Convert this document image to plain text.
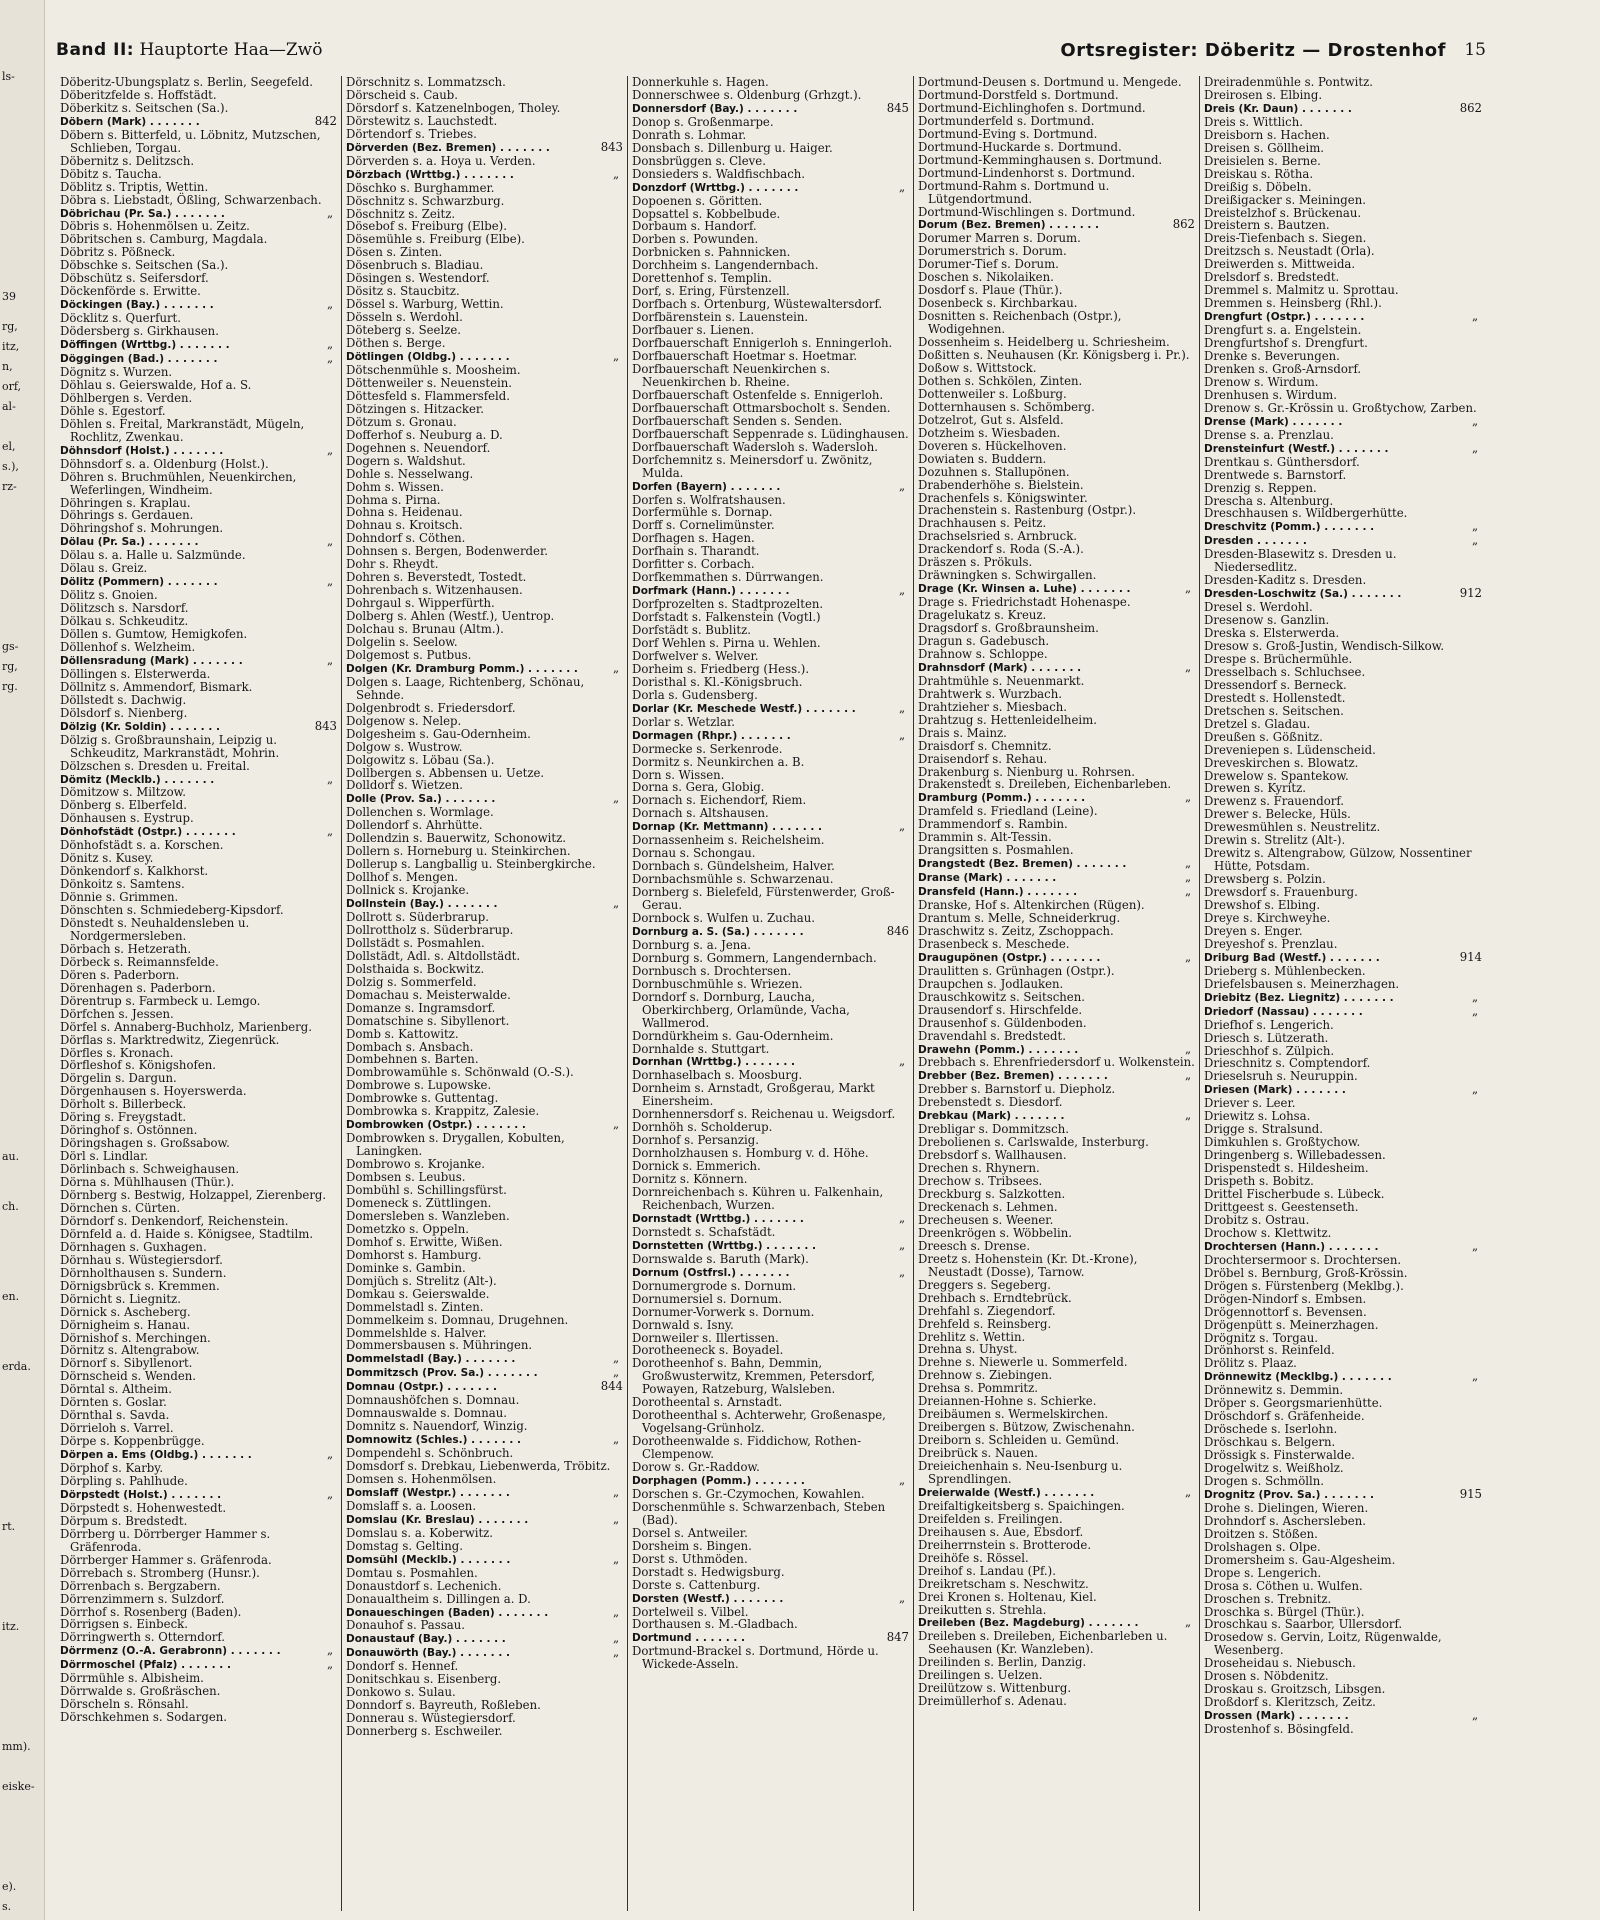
ls-
39
rg,
itz,
n,
orf,
al-
el,
s.),
rz-
gs-
rg,
rg.
au.
ch.
en.
erda.
rt.
itz.
mm).
eiske-
e).
s.
Band II: Hauptorte Haa—Zwö	Ortsregister: Döberitz — Drostenhof 15

Döberitz-Übungsplatz s. Berlin, Seegefeld.

Döberitzfelde s. Hoffstädt.

Döberkitz s. Seitschen (Sa.).

842
Döbern (Mark) . . . . . . .

Döbern s. Bitterfeld, u. Löbnitz, Mutzschen, Schlieben, Torgau.

Döbernitz s. Delitzsch.

Döbitz s. Taucha.

Döblitz s. Triptis, Wettin.

Döbra s. Liebstadt, Ößling, Schwarzenbach.

„
Döbrichau (Pr. Sa.) . . . . . . .

Döbris s. Hohenmölsen u. Zeitz.

Döbritschen s. Camburg, Magdala.

Döbritz s. Pößneck.

Döbschke s. Seitschen (Sa.).

Döbschütz s. Seifersdorf.

Döckenförde s. Erwitte.

„
Döckingen (Bay.) . . . . . . .

Döcklitz s. Querfurt.

Dödersberg s. Girkhausen.

„
Döffingen (Wrttbg.) . . . . . . .

„
Döggingen (Bad.) . . . . . . .

Dögnitz s. Wurzen.

Döhlau s. Geierswalde, Hof a. S.

Döhlbergen s. Verden.

Döhle s. Egestorf.

Döhlen s. Freital, Markranstädt, Mügeln, Rochlitz, Zwenkau.

„
Döhnsdorf (Holst.) . . . . . . .

Döhnsdorf s. a. Oldenburg (Holst.).

Döhren s. Bruchmühlen, Neuenkirchen, Weferlingen, Windheim.

Döhringen s. Kraplau.

Döhrings s. Gerdauen.

Döhringshof s. Mohrungen.

„
Dölau (Pr. Sa.) . . . . . . .

Dölau s. a. Halle u. Salzmünde.

Dölau s. Greiz.

„
Dölitz (Pommern) . . . . . . .

Dölitz s. Gnoien.

Dölitzsch s. Narsdorf.

Dölkau s. Schkeuditz.

Döllen s. Gumtow, Hemigkofen.

Döllenhof s. Welzheim.

„
Döllensradung (Mark) . . . . . . .

Döllingen s. Elsterwerda.

Döllnitz s. Ammendorf, Bismark.

Döllstedt s. Dachwig.

Dölsdorf s. Nienberg.

843
Dölzig (Kr. Soldin) . . . . . . .

Dölzig s. Großbraunshain, Leipzig u. Schkeuditz, Markranstädt, Mohrin.

Dölzschen s. Dresden u. Freital.

„
Dömitz (Mecklb.) . . . . . . .

Dömitzow s. Miltzow.

Dönberg s. Elberfeld.

Dönhausen s. Eystrup.

„
Dönhofstädt (Ostpr.) . . . . . . .

Dönhofstädt s. a. Korschen.

Dönitz s. Kusey.

Dönkendorf s. Kalkhorst.

Dönkoitz s. Samtens.

Dönnie s. Grimmen.

Dönschten s. Schmiedeberg-Kipsdorf.

Dönstedt s. Neuhaldensleben u. Nordgermersleben.

Dörbach s. Hetzerath.

Dörbeck s. Reimannsfelde.

Dören s. Paderborn.

Dörenhagen s. Paderborn.

Dörentrup s. Farmbeck u. Lemgo.

Dörfchen s. Jessen.

Dörfel s. Annaberg-Buchholz, Marienberg.

Dörflas s. Marktredwitz, Ziegenrück.

Dörfles s. Kronach.

Dörfleshof s. Königshofen.

Dörgelin s. Dargun.

Dörgenhausen s. Hoyerswerda.

Dörholt s. Billerbeck.

Döring s. Freygstadt.

Döringhof s. Ostönnen.

Döringshagen s. Großsabow.

Dörl s. Lindlar.

Dörlinbach s. Schweighausen.

Dörna s. Mühlhausen (Thür.).

Dörnberg s. Bestwig, Holzappel, Zierenberg.

Dörnchen s. Cürten.

Dörndorf s. Denkendorf, Reichenstein.

Dörnfeld a. d. Haide s. Königsee, Stadtilm.

Dörnhagen s. Guxhagen.

Dörnhau s. Wüstegiersdorf.

Dörnholthausen s. Sundern.

Dörnigsbrück s. Kremmen.

Dörnicht s. Liegnitz.

Dörnick s. Ascheberg.

Dörnigheim s. Hanau.

Dörnishof s. Merchingen.

Dörnitz s. Altengrabow.

Dörnorf s. Sibyllenort.

Dörnscheid s. Wenden.

Dörntal s. Altheim.

Dörnten s. Goslar.

Dörnthal s. Savda.

Dörrieloh s. Varrel.

Dörpe s. Koppenbrügge.

„
Dörpen a. Ems (Oldbg.) . . . . . . .

Dörphof s. Karby.

Dörpling s. Pahlhude.

„
Dörpstedt (Holst.) . . . . . . .

Dörpstedt s. Hohenwestedt.

Dörpum s. Bredstedt.

Dörrberg u. Dörrberger Hammer s. Gräfenroda.

Dörrberger Hammer s. Gräfenroda.

Dörrebach s. Stromberg (Hunsr.).

Dörrenbach s. Bergzabern.

Dörrenzimmern s. Sulzdorf.

Dörrhof s. Rosenberg (Baden).

Dörrigsen s. Einbeck.

Dörringwerth s. Otterndorf.

„
Dörrmenz (O.-A. Gerabronn) . . . . . . .

„
Dörrmoschel (Pfalz) . . . . . . .

Dörrmühle s. Albisheim.

Dörrwalde s. Großräschen.

Dörscheln s. Rönsahl.

Dörschkehmen s. Sodargen.

Dörschnitz s. Lommatzsch.

Dörscheid s. Caub.

Dörsdorf s. Katzenelnbogen, Tholey.

Dörstewitz s. Lauchstedt.

Dörtendorf s. Triebes.

843
Dörverden (Bez. Bremen) . . . . . . .

Dörverden s. a. Hoya u. Verden.

„
Dörzbach (Wrttbg.) . . . . . . .

Döschko s. Burghammer.

Döschnitz s. Schwarzburg.

Döschnitz s. Zeitz.

Dösebof s. Freiburg (Elbe).

Dösemühle s. Freiburg (Elbe).

Dösen s. Zinten.

Dösenbruch s. Bladiau.

Dösingen s. Westendorf.

Dösitz s. Staucbitz.

Dössel s. Warburg, Wettin.

Dösseln s. Werdohl.

Döteberg s. Seelze.

Döthen s. Berge.

„
Dötlingen (Oldbg.) . . . . . . .

Dötschenmühle s. Moosheim.

Döttenweiler s. Neuenstein.

Döttesfeld s. Flammersfeld.

Dötzingen s. Hitzacker.

Dötzum s. Gronau.

Dofferhof s. Neuburg a. D.

Dogehnen s. Neuendorf.

Dogern s. Waldshut.

Dohle s. Nesselwang.

Dohm s. Wissen.

Dohma s. Pirna.

Dohna s. Heidenau.

Dohnau s. Kroitsch.

Dohndorf s. Cöthen.

Dohnsen s. Bergen, Bodenwerder.

Dohr s. Rheydt.

Dohren s. Beverstedt, Tostedt.

Dohrenbach s. Witzenhausen.

Dohrgaul s. Wipperfürth.

Dolberg s. Ahlen (Westf.), Uentrop.

Dolchau s. Brunau (Altm.).

Dolgelin s. Seelow.

Dolgemost s. Putbus.

„
Dolgen (Kr. Dramburg Pomm.) . . . . . . .

Dolgen s. Laage, Richtenberg, Schönau, Sehnde.

Dolgenbrodt s. Friedersdorf.

Dolgenow s. Nelep.

Dolgesheim s. Gau-Odernheim.

Dolgow s. Wustrow.

Dolgowitz s. Löbau (Sa.).

Dollbergen s. Abbensen u. Uetze.

Dolldorf s. Wietzen.

„
Dolle (Prov. Sa.) . . . . . . .

Dollenchen s. Wormlage.

Dollendorf s. Ahrhütte.

Dollendzin s. Bauerwitz, Schonowitz.

Dollern s. Horneburg u. Steinkirchen.

Dollerup s. Langballig u. Steinbergkirche.

Dollhof s. Mengen.

Dollnick s. Krojanke.

„
Dollnstein (Bay.) . . . . . . .

Dollrott s. Süderbrarup.

Dollrottholz s. Süderbrarup.

Dollstädt s. Posmahlen.

Dollstädt, Adl. s. Altdollstädt.

Dolsthaida s. Bockwitz.

Dolzig s. Sommerfeld.

Domachau s. Meisterwalde.

Domanze s. Ingramsdorf.

Domatschine s. Sibyllenort.

Domb s. Kattowitz.

Dombach s. Ansbach.

Dombehnen s. Barten.

Dombrowamühle s. Schönwald (O.-S.).

Dombrowe s. Lupowske.

Dombrowke s. Guttentag.

Dombrowka s. Krappitz, Zalesie.

„
Dombrowken (Ostpr.) . . . . . . .

Dombrowken s. Drygallen, Kobulten, Laningken.

Dombrowo s. Krojanke.

Dombsen s. Leubus.

Dombühl s. Schillingsfürst.

Domeneck s. Züttlingen.

Domersleben s. Wanzleben.

Dometzko s. Oppeln.

Domhof s. Erwitte, Wißen.

Domhorst s. Hamburg.

Dominke s. Gambin.

Domjüch s. Strelitz (Alt-).

Domkau s. Geierswalde.

Dommelstadl s. Zinten.

Dommelkeim s. Domnau, Drugehnen.

Dommelshlde s. Halver.

Dommersbausen s. Mühringen.

„
Dommelstadl (Bay.) . . . . . . .

„
Dommitzsch (Prov. Sa.) . . . . . . .

844
Domnau (Ostpr.) . . . . . . .

Domnaushöfchen s. Domnau.

Domnauswalde s. Domnau.

Domnitz s. Nauendorf, Winzig.

„
Domnowitz (Schles.) . . . . . . .

Dompendehl s. Schönbruch.

Domsdorf s. Drebkau, Liebenwerda, Tröbitz.

Domsen s. Hohenmölsen.

„
Domslaff (Westpr.) . . . . . . .

Domslaff s. a. Loosen.

„
Domslau (Kr. Breslau) . . . . . . .

Domslau s. a. Koberwitz.

Domstag s. Gelting.

„
Domsühl (Mecklb.) . . . . . . .

Domtau s. Posmahlen.

Donaustdorf s. Lechenich.

Donaualtheim s. Dillingen a. D.

„
Donaueschingen (Baden) . . . . . . .

Donauhof s. Passau.

„
Donaustauf (Bay.) . . . . . . .

„
Donauwörth (Bay.) . . . . . . .

Dondorf s. Hennef.

Donitschkau s. Eisenberg.

Donkowo s. Sulau.

Donndorf s. Bayreuth, Roßleben.

Donnerau s. Wüstegiersdorf.

Donnerberg s. Eschweiler.

Donnerkuhle s. Hagen.

Donnerschwee s. Oldenburg (Grhzgt.).

845
Donnersdorf (Bay.) . . . . . . .

Donop s. Großenmarpe.

Donrath s. Lohmar.

Donsbach s. Dillenburg u. Haiger.

Donsbrüggen s. Cleve.

Donsieders s. Waldfischbach.

„
Donzdorf (Wrttbg.) . . . . . . .

Dopoenen s. Göritten.

Dopsattel s. Kobbelbude.

Dorbaum s. Handorf.

Dorben s. Powunden.

Dorbnicken s. Pahnnicken.

Dorchheim s. Langendernbach.

Dorettenhof s. Templin.

Dorf, s. Ering, Fürstenzell.

Dorfbach s. Ortenburg, Wüstewaltersdorf.

Dorfbärenstein s. Lauenstein.

Dorfbauer s. Lienen.

Dorfbauerschaft Ennigerloh s. Enningerloh.

Dorfbauerschaft Hoetmar s. Hoetmar.

Dorfbauerschaft Neuenkirchen s. Neuenkirchen b. Rheine.

Dorfbauerschaft Ostenfelde s. Ennigerloh.

Dorfbauerschaft Ottmarsbocholt s. Senden.

Dorfbauerschaft Senden s. Senden.

Dorfbauerschaft Seppenrade s. Lüdinghausen.

Dorfbauerschaft Wadersloh s. Wadersloh.

Dorfchemnitz s. Meinersdorf u. Zwönitz, Mulda.

„
Dorfen (Bayern) . . . . . . .

Dorfen s. Wolfratshausen.

Dorfermühle s. Dornap.

Dorff s. Cornelimünster.

Dorfhagen s. Hagen.

Dorfhain s. Tharandt.

Dorfitter s. Corbach.

Dorfkemmathen s. Dürrwangen.

„
Dorfmark (Hann.) . . . . . . .

Dorfprozelten s. Stadtprozelten.

Dorfstadt s. Falkenstein (Vogtl.)

Dorfstädt s. Bublitz.

Dorf Wehlen s. Pirna u. Wehlen.

Dorfwelver s. Welver.

Dorheim s. Friedberg (Hess.).

Doristhal s. Kl.-Königsbruch.

Dorla s. Gudensberg.

„
Dorlar (Kr. Meschede Westf.) . . . . . . .

Dorlar s. Wetzlar.

„
Dormagen (Rhpr.) . . . . . . .

Dormecke s. Serkenrode.

Dormitz s. Neunkirchen a. B.

Dorn s. Wissen.

Dorna s. Gera, Globig.

Dornach s. Eichendorf, Riem.

Dornach s. Altshausen.

„
Dornap (Kr. Mettmann) . . . . . . .

Dornassenheim s. Reichelsheim.

Dornau s. Schongau.

Dornbach s. Gündelsheim, Halver.

Dornbachsmühle s. Schwarzenau.

Dornberg s. Bielefeld, Fürstenwerder, Groß-Gerau.

Dornbock s. Wulfen u. Zuchau.

846
Dornburg a. S. (Sa.) . . . . . . .

Dornburg s. a. Jena.

Dornburg s. Gommern, Langendernbach.

Dornbusch s. Drochtersen.

Dornbuschmühle s. Wriezen.

Dorndorf s. Dornburg, Laucha, Oberkirchberg, Orlamünde, Vacha, Wallmerod.

Dorndürkheim s. Gau-Odernheim.

Dornhalde s. Stuttgart.

„
Dornhan (Wrttbg.) . . . . . . .

Dornhaselbach s. Moosburg.

Dornheim s. Arnstadt, Großgerau, Markt Einersheim.

Dornhennersdorf s. Reichenau u. Weigsdorf.

Dornhöh s. Scholderup.

Dornhof s. Persanzig.

Dornholzhausen s. Homburg v. d. Höhe.

Dornick s. Emmerich.

Dornitz s. Könnern.

Dornreichenbach s. Kühren u. Falkenhain, Reichenbach, Wurzen.

„
Dornstadt (Wrttbg.) . . . . . . .

Dornstedt s. Schafstädt.

„
Dornstetten (Wrttbg.) . . . . . . .

Dornswalde s. Baruth (Mark).

„
Dornum (Ostfrsl.) . . . . . . .

Dornumergrode s. Dornum.

Dornumersiel s. Dornum.

Dornumer-Vorwerk s. Dornum.

Dornwald s. Isny.

Dornweiler s. Illertissen.

Dorotheeneck s. Boyadel.

Dorotheenhof s. Bahn, Demmin, Großwusterwitz, Kremmen, Petersdorf, Powayen, Ratzeburg, Walsleben.

Dorotheental s. Arnstadt.

Dorotheenthal s. Achterwehr, Großenaspe, Vogelsang-Grünholz.

Dorotheenwalde s. Fiddichow, Rothen-Clempenow.

Dorow s. Gr.-Raddow.

„
Dorphagen (Pomm.) . . . . . . .

Dorschen s. Gr.-Czymochen, Kowahlen.

Dorschenmühle s. Schwarzenbach, Steben (Bad).

Dorsel s. Antweiler.

Dorsheim s. Bingen.

Dorst s. Uthmöden.

Dorstadt s. Hedwigsburg.

Dorste s. Cattenburg.

„
Dorsten (Westf.) . . . . . . .

Dortelweil s. Vilbel.

Dorthausen s. M.-Gladbach.

847
Dortmund . . . . . . .

Dortmund-Brackel s. Dortmund, Hörde u. Wickede-Asseln.

Dortmund-Deusen s. Dortmund u. Mengede.

Dortmund-Dorstfeld s. Dortmund.

Dortmund-Eichlinghofen s. Dortmund.

Dortmunderfeld s. Dortmund.

Dortmund-Eving s. Dortmund.

Dortmund-Huckarde s. Dortmund.

Dortmund-Kemminghausen s. Dortmund.

Dortmund-Lindenhorst s. Dortmund.

Dortmund-Rahm s. Dortmund u. Lütgendortmund.

Dortmund-Wischlingen s. Dortmund.

862
Dorum (Bez. Bremen) . . . . . . .

Dorumer Marren s. Dorum.

Dorumerstrich s. Dorum.

Dorumer-Tief s. Dorum.

Doschen s. Nikolaiken.

Dosdorf s. Plaue (Thür.).

Dosenbeck s. Kirchbarkau.

Dosnitten s. Reichenbach (Ostpr.), Wodigehnen.

Dossenheim s. Heidelberg u. Schriesheim.

Doßitten s. Neuhausen (Kr. Königsberg i. Pr.).

Doßow s. Wittstock.

Dothen s. Schkölen, Zinten.

Dottenweiler s. Loßburg.

Dotternhausen s. Schömberg.

Dotzelrot, Gut s. Alsfeld.

Dotzheim s. Wiesbaden.

Doveren s. Hückelhoven.

Dowiaten s. Buddern.

Dozuhnen s. Stallupönen.

Drabenderhöhe s. Bielstein.

Drachenfels s. Königswinter.

Drachenstein s. Rastenburg (Ostpr.).

Drachhausen s. Peitz.

Drachselsried s. Arnbruck.

Drackendorf s. Roda (S.-A.).

Dräszen s. Prökuls.

Dräwningken s. Schwirgallen.

„
Drage (Kr. Winsen a. Luhe) . . . . . . .

Drage s. Friedrichstadt Hohenaspe.

Dragelukatz s. Kreuz.

Dragsdorf s. Großbraunsheim.

Dragun s. Gadebusch.

Drahnow s. Schloppe.

„
Drahnsdorf (Mark) . . . . . . .

Drahtmühle s. Neuenmarkt.

Drahtwerk s. Wurzbach.

Drahtzieher s. Miesbach.

Drahtzug s. Hettenleidelheim.

Drais s. Mainz.

Draisdorf s. Chemnitz.

Draisendorf s. Rehau.

Drakenburg s. Nienburg u. Rohrsen.

Drakenstedt s. Dreileben, Eichenbarleben.

„
Dramburg (Pomm.) . . . . . . .

Dramfeld s. Friedland (Leine).

Drammendorf s. Rambin.

Drammin s. Alt-Tessin.

Drangsitten s. Posmahlen.

„
Drangstedt (Bez. Bremen) . . . . . . .

„
Dranse (Mark) . . . . . . .

„
Dransfeld (Hann.) . . . . . . .

Dranske, Hof s. Altenkirchen (Rügen).

Drantum s. Melle, Schneiderkrug.

Draschwitz s. Zeitz, Zschoppach.

Drasenbeck s. Meschede.

„
Draugupönen (Ostpr.) . . . . . . .

Draulitten s. Grünhagen (Ostpr.).

Draupchen s. Jodlauken.

Drauschkowitz s. Seitschen.

Drausendorf s. Hirschfelde.

Drausenhof s. Güldenboden.

Dravendahl s. Bredstedt.

„
Drawehn (Pomm.) . . . . . . .

Drebbach s. Ehrenfriedersdorf u. Wolkenstein.

„
Drebber (Bez. Bremen) . . . . . . .

Drebber s. Barnstorf u. Diepholz.

Drebenstedt s. Diesdorf.

„
Drebkau (Mark) . . . . . . .

Drebligar s. Dommitzsch.

Drebolienen s. Carlswalde, Insterburg.

Drebsdorf s. Wallhausen.

Drechen s. Rhynern.

Drechow s. Tribsees.

Dreckburg s. Salzkotten.

Dreckenach s. Lehmen.

Drecheusen s. Weener.

Dreenkrögen s. Wöbbelin.

Dreesch s. Drense.

Dreetz s. Hohenstein (Kr. Dt.-Krone), Neustadt (Dosse), Tarnow.

Dreggers s. Segeberg.

Drehbach s. Erndtebrück.

Drehfahl s. Ziegendorf.

Drehfeld s. Reinsberg.

Drehlitz s. Wettin.

Drehna s. Uhyst.

Drehne s. Niewerle u. Sommerfeld.

Drehnow s. Ziebingen.

Drehsa s. Pommritz.

Dreiannen-Hohne s. Schierke.

Dreibäumen s. Wermelskirchen.

Dreibergen s. Bützow, Zwischenahn.

Dreiborn s. Schleiden u. Gemünd.

Dreibrück s. Nauen.

Dreieichenhain s. Neu-Isenburg u. Sprendlingen.

„
Dreierwalde (Westf.) . . . . . . .

Dreifaltigkeitsberg s. Spaichingen.

Dreifelden s. Freilingen.

Dreihausen s. Aue, Ebsdorf.

Dreiherrnstein s. Brotterode.

Dreihöfe s. Rössel.

Dreihof s. Landau (Pf.).

Dreikretscham s. Neschwitz.

Drei Kronen s. Holtenau, Kiel.

Dreikutten s. Strehla.

„
Dreileben (Bez. Magdeburg) . . . . . . .

Dreileben s. Dreileben, Eichenbarleben u. Seehausen (Kr. Wanzleben).

Dreilinden s. Berlin, Danzig.

Dreilingen s. Uelzen.

Dreilützow s. Wittenburg.

Dreimüllerhof s. Adenau.

Dreiradenmühle s. Pontwitz.

Dreirosen s. Elbing.

862
Dreis (Kr. Daun) . . . . . . .

Dreis s. Wittlich.

Dreisborn s. Hachen.

Dreisen s. Göllheim.

Dreisielen s. Berne.

Dreiskau s. Rötha.

Dreißig s. Döbeln.

Dreißigacker s. Meiningen.

Dreistelzhof s. Brückenau.

Dreistern s. Bautzen.

Dreis-Tiefenbach s. Siegen.

Dreitzsch s. Neustadt (Orla).

Dreiwerden s. Mittweida.

Drelsdorf s. Bredstedt.

Dremmel s. Malmitz u. Sprottau.

Dremmen s. Heinsberg (Rhl.).

„
Drengfurt (Ostpr.) . . . . . . .

Drengfurt s. a. Engelstein.

Drengfurtshof s. Drengfurt.

Drenke s. Beverungen.

Drenken s. Groß-Arnsdorf.

Drenow s. Wirdum.

Drenhusen s. Wirdum.

Drenow s. Gr.-Krössin u. Großtychow, Zarben.

„
Drense (Mark) . . . . . . .

Drense s. a. Prenzlau.

„
Drensteinfurt (Westf.) . . . . . . .

Drentkau s. Günthersdorf.

Drentwede s. Barnstorf.

Drenzig s. Reppen.

Drescha s. Altenburg.

Dreschhausen s. Wildbergerhütte.

„
Dreschvitz (Pomm.) . . . . . . .

„
Dresden . . . . . . .

Dresden-Blasewitz s. Dresden u. Niedersedlitz.

Dresden-Kaditz s. Dresden.

912
Dresden-Loschwitz (Sa.) . . . . . . .

Dresel s. Werdohl.

Dresenow s. Ganzlin.

Dreska s. Elsterwerda.

Dresow s. Groß-Justin, Wendisch-Silkow.

Drespe s. Brüchermühle.

Dresselbach s. Schluchsee.

Dressendorf s. Berneck.

Drestedt s. Hollenstedt.

Dretschen s. Seitschen.

Dretzel s. Gladau.

Dreußen s. Gößnitz.

Dreveniepen s. Lüdenscheid.

Dreveskirchen s. Blowatz.

Drewelow s. Spantekow.

Drewen s. Kyritz.

Drewenz s. Frauendorf.

Drewer s. Belecke, Hüls.

Drewesmühlen s. Neustrelitz.

Drewin s. Strelitz (Alt-).

Drewitz s. Altengrabow, Gülzow, Nossentiner Hütte, Potsdam.

Drewsberg s. Polzin.

Drewsdorf s. Frauenburg.

Drewshof s. Elbing.

Dreye s. Kirchweyhe.

Dreyen s. Enger.

Dreyeshof s. Prenzlau.

914
Driburg Bad (Westf.) . . . . . . .

Drieberg s. Mühlenbecken.

Driefelsbausen s. Meinerzhagen.

„
Driebitz (Bez. Liegnitz) . . . . . . .

„
Driedorf (Nassau) . . . . . . .

Driefhof s. Lengerich.

Driesch s. Lützerath.

Drieschhof s. Zülpich.

Drieschnitz s. Comptendorf.

Drieselsruh s. Neuruppin.

„
Driesen (Mark) . . . . . . .

Driever s. Leer.

Driewitz s. Lohsa.

Drigge s. Stralsund.

Dimkuhlen s. Großtychow.

Dringenberg s. Willebadessen.

Drispenstedt s. Hildesheim.

Drispeth s. Bobitz.

Drittel Fischerbude s. Lübeck.

Drittgeest s. Geestenseth.

Drobitz s. Ostrau.

Drochow s. Klettwitz.

„
Drochtersen (Hann.) . . . . . . .

Drochtersermoor s. Drochtersen.

Dröbel s. Bernburg, Groß-Krössin.

Drögen s. Fürstenberg (Meklbg.).

Drögen-Nindorf s. Embsen.

Drögennottorf s. Bevensen.

Drögenpütt s. Meinerzhagen.

Drögnitz s. Torgau.

Drönhorst s. Reinfeld.

Drölitz s. Plaaz.

„
Drönnewitz (Mecklbg.) . . . . . . .

Drönnewitz s. Demmin.

Dröper s. Georgsmarienhütte.

Dröschdorf s. Gräfenheide.

Dröschede s. Iserlohn.

Dröschkau s. Belgern.

Drössigk s. Finsterwalde.

Drogelwitz s. Weißholz.

Drogen s. Schmölln.

915
Drognitz (Prov. Sa.) . . . . . . .

Drohe s. Dielingen, Wieren.

Drohndorf s. Aschersleben.

Droitzen s. Stößen.

Drolshagen s. Olpe.

Dromersheim s. Gau-Algesheim.

Drope s. Lengerich.

Drosa s. Cöthen u. Wulfen.

Droschen s. Trebnitz.

Droschka s. Bürgel (Thür.).

Droschkau s. Saarbor, Ullersdorf.

Drosedow s. Gervin, Loitz, Rügenwalde, Wesenberg.

Droseheidau s. Niebusch.

Drosen s. Nöbdenitz.

Droskau s. Groitzsch, Libsgen.

Droßdorf s. Kleritzsch, Zeitz.

„
Drossen (Mark) . . . . . . .

Drostenhof s. Bösingfeld.
